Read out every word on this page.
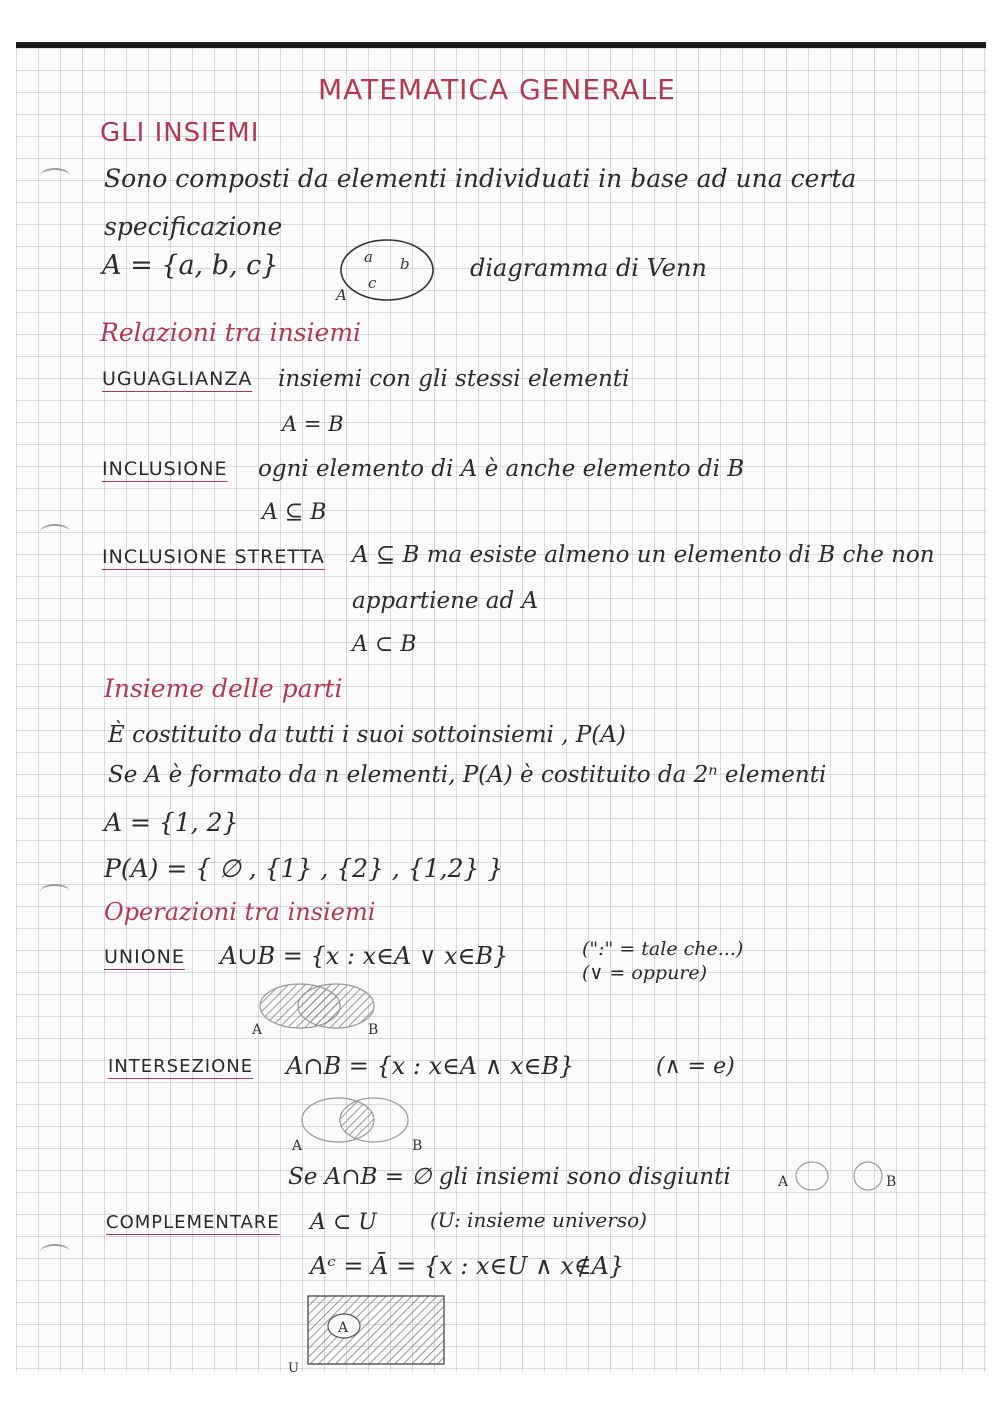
MATEMATICA GENERALE
GLI INSIEMI
Sono composti da elementi individuati in base ad una certa
specificazione
A = {a, b, c}
A
a b
c
diagramma di Venn
Relazioni tra insiemi
UGUAGLIANZA insiemi con gli stessi elementi
A = B
INCLUSIONE ogni elemento di A è anche elemento di B
A ⊆ B
INCLUSIONE STRETTA A ⊆ B ma esiste almeno un elemento di B che non
appartiene ad A
A ⊂ B
Insieme delle parti
È costituito da tutti i suoi sottoinsiemi , P(A)
Se A è formato da n elementi, P(A) è costituito da 2ⁿ elementi
A = {1, 2}
P(A) = { ∅ , {1} , {2} , {1,2} }
Operazioni tra insiemi
UNIONE A∪B = {x : x∈A ∨ x∈B}	(":" = tale che...)
(∨ = oppure)
A	B
INTERSEZIONE A∩B = {x : x∈A ∧ x∈B}	(∧ = e)
A	B
Se A∩B = ∅ gli insiemi sono disgiunti	A	B
COMPLEMENTARE A ⊂ U	(U: insieme universo)
Aᶜ = Ā = {x : x∈U ∧ x∉A}
A
U
